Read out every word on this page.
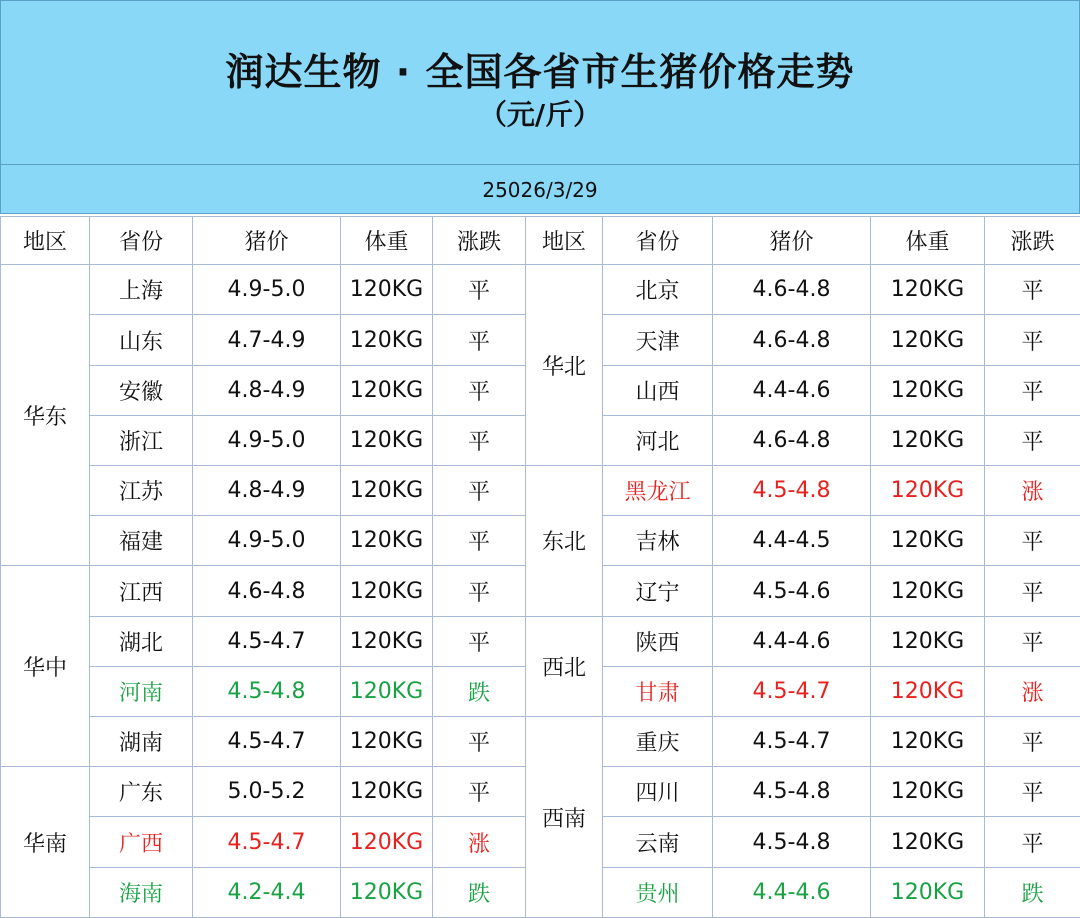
润达生物 · 全国各省市生猪价格走势
（元/斤）
25026/3/29
地区	省份	猪价	体重	涨跌	地区	省份	猪价	体重	涨跌
华东	上海	4.9-5.0	120KG	平	华北	北京	4.6-4.8	120KG	平
	山东	4.7-4.9	120KG	平		天津	4.6-4.8	120KG	平
	安徽	4.8-4.9	120KG	平		山西	4.4-4.6	120KG	平
	浙江	4.9-5.0	120KG	平		河北	4.6-4.8	120KG	平
	江苏	4.8-4.9	120KG	平	东北	黑龙江	4.5-4.8	120KG	涨
	福建	4.9-5.0	120KG	平		吉林	4.4-4.5	120KG	平
华中	江西	4.6-4.8	120KG	平		辽宁	4.5-4.6	120KG	平
	湖北	4.5-4.7	120KG	平	西北	陕西	4.4-4.6	120KG	平
	河南	4.5-4.8	120KG	跌		甘肃	4.5-4.7	120KG	涨
	湖南	4.5-4.7	120KG	平	西南	重庆	4.5-4.7	120KG	平
华南	广东	5.0-5.2	120KG	平		四川	4.5-4.8	120KG	平
	广西	4.5-4.7	120KG	涨		云南	4.5-4.8	120KG	平
	海南	4.2-4.4	120KG	跌		贵州	4.4-4.6	120KG	跌
